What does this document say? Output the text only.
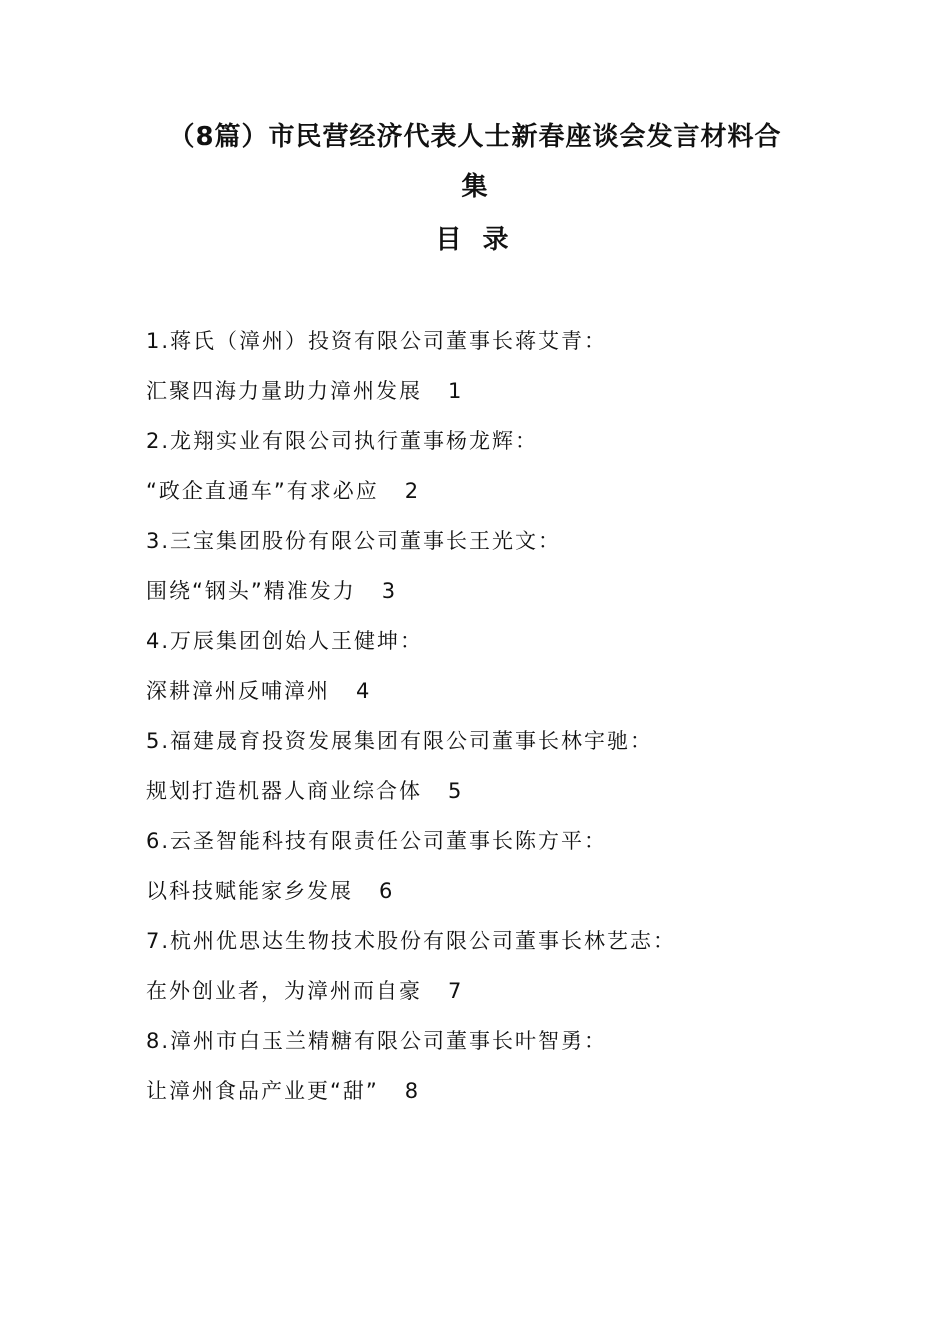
（8篇）市民营经济代表人士新春座谈会发言材料合
集
目 录
1.蒋氏（漳州）投资有限公司董事长蒋艾青：
汇聚四海力量助力漳州发展 1
2.龙翔实业有限公司执行董事杨龙辉：
“政企直通车”有求必应 2
3.三宝集团股份有限公司董事长王光文：
围绕“钢头”精准发力 3
4.万辰集团创始人王健坤：
深耕漳州反哺漳州 4
5.福建晟育投资发展集团有限公司董事长林宇驰：
规划打造机器人商业综合体 5
6.云圣智能科技有限责任公司董事长陈方平：
以科技赋能家乡发展 6
7.杭州优思达生物技术股份有限公司董事长林艺志：
在外创业者，为漳州而自豪 7
8.漳州市白玉兰精糖有限公司董事长叶智勇：
让漳州食品产业更“甜” 8
